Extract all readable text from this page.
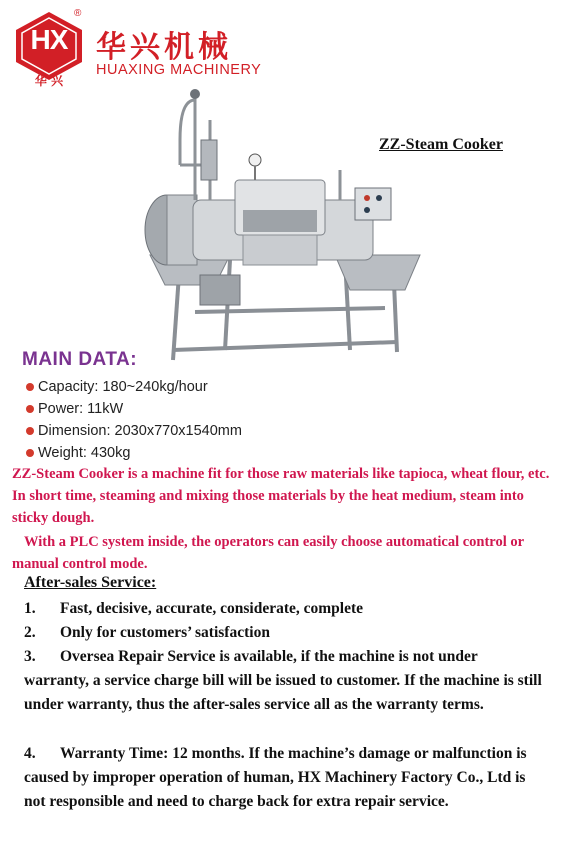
HX
华 兴
®
华兴机械
HUAXING MACHINERY
ZZ-Steam Cooker
MAIN DATA:
Capacity: 180~240kg/hour
Power: 11kW
Dimension: 2030x770x1540mm
Weight: 430kg
ZZ-Steam Cooker is a machine fit for those raw materials like tapioca, wheat flour, etc. In short time, steaming and mixing those materials by the heat medium, steam into sticky dough.
With a PLC system inside, the operators can easily choose automatical control or manual control mode.
After-sales Service:
1. Fast, decisive, accurate, considerate, complete
2. Only for customers’ satisfaction
3. Oversea Repair Service is available, if the machine is not under warranty, a service charge bill will be issued to customer. If the machine is still under warranty, thus the after-sales service all as the warranty terms.
4. Warranty Time: 12 months. If the machine’s damage or malfunction is caused by improper operation of human, HX Machinery Factory Co., Ltd is not responsible and need to charge back for extra repair service.
